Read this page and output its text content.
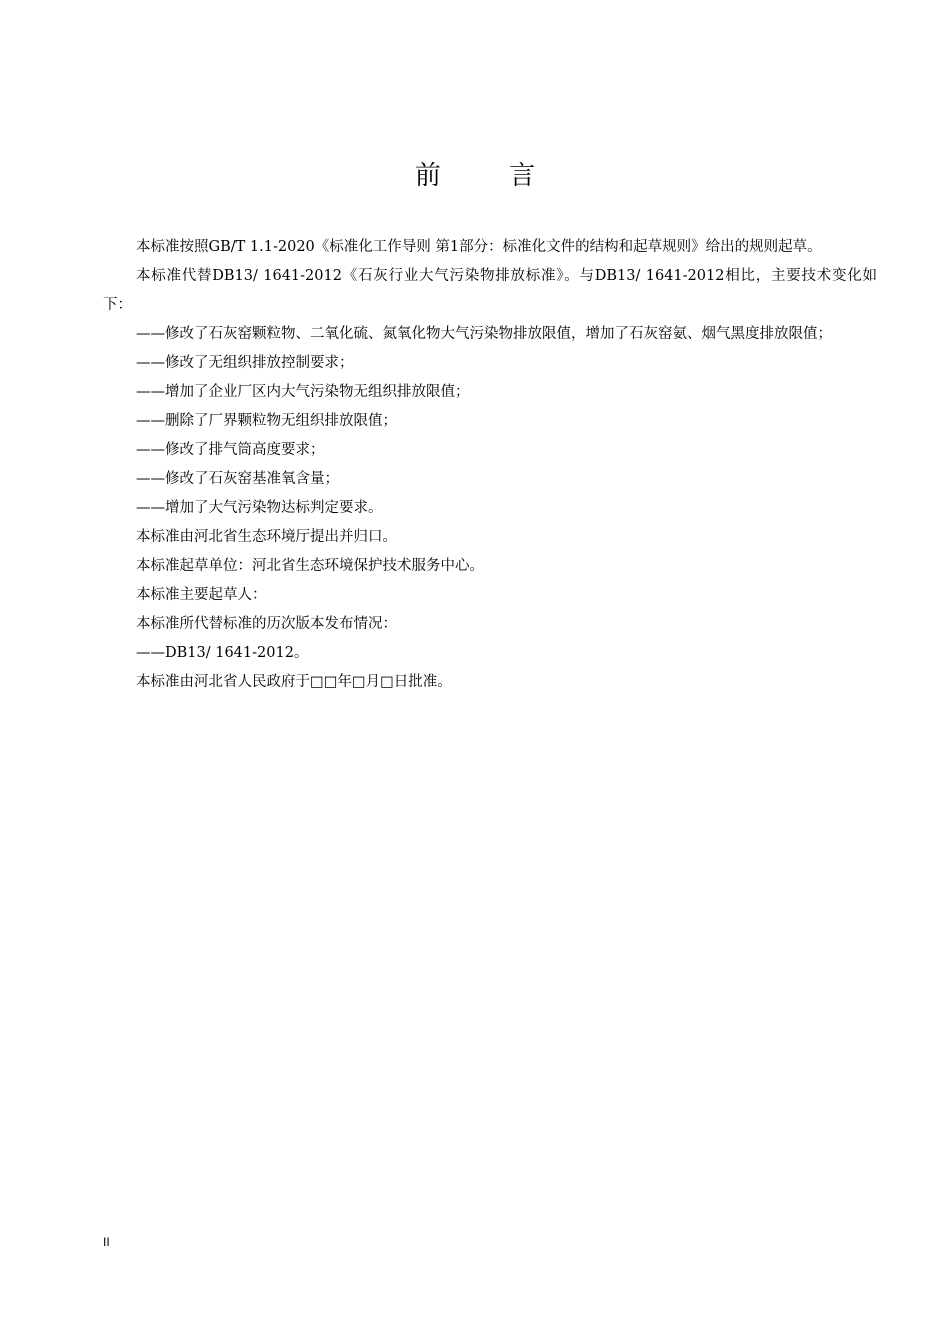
前 言

本标准按照GB/T 1.1-2020《标准化工作导则 第1部分：标准化文件的结构和起草规则》给出的规则起草。

本标准代替DB13/ 1641-2012《石灰行业大气污染物排放标准》。与DB13/ 1641-2012相比，主要技术变化如下：

——修改了石灰窑颗粒物、二氧化硫、氮氧化物大气污染物排放限值，增加了石灰窑氨、烟气黑度排放限值；

——修改了无组织排放控制要求；

——增加了企业厂区内大气污染物无组织排放限值；

——删除了厂界颗粒物无组织排放限值；

——修改了排气筒高度要求；

——修改了石灰窑基准氧含量；

——增加了大气污染物达标判定要求。

本标准由河北省生态环境厅提出并归口。

本标准起草单位：河北省生态环境保护技术服务中心。

本标准主要起草人：

本标准所代替标准的历次版本发布情况：

——DB13/ 1641-2012。

本标准由河北省人民政府于□□年□月□日批准。

II
